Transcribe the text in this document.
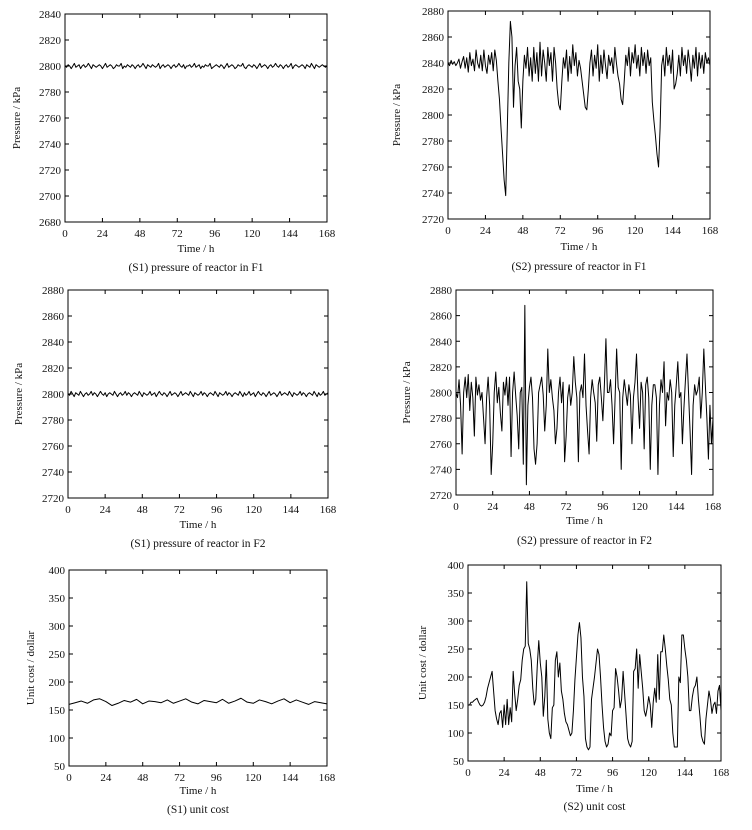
0	24 48 72 96 120 144 168
2680
2700
2720
2740
2760
2780
2800
2820
2840
Time / h
Pressure / kPa
(S1) pressure of reactor in F1
0	24 48 72 96 120 144 168
2720
2740
2760
2780
2800
2820
2840
2860
2880
Time / h
Pressure / kPa
(S2) pressure of reactor in F1
0	24 48 72 96 120 144 168
2720
2740
2760
2780
2800
2820
2840
2860
2880
Time / h
Pressure / kPa
(S1) pressure of reactor in F2
0	24 48 72 96 120 144 168
2720
2740
2760
2780
2800
2820
2840
2860
2880
Time / h
Pressure / kPa
(S2) pressure of reactor in F2
0	24 48 72 96 120 144 168
50
100
150
200
250
300
350
400
Time / h
Unit cost / dollar
(S1) unit cost
0	24 48 72 96 120 144 168
50
100
150
200
250
300
350
400
Time / h
Unit cost / dollar
(S2) unit cost
